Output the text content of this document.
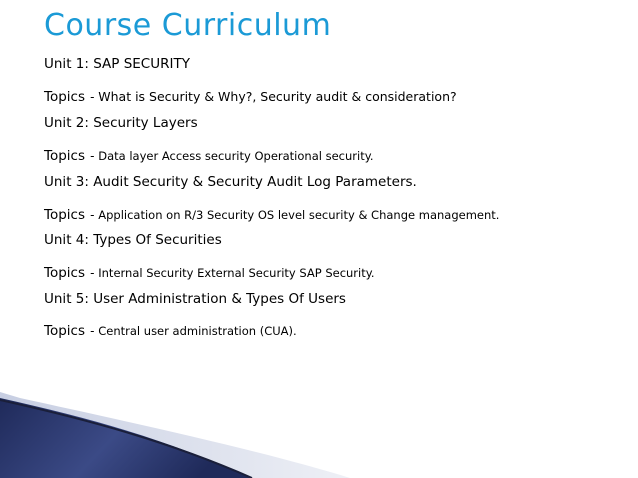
Course Curriculum
Unit 1: SAP SECURITY
Topics - What is Security & Why?, Security audit & consideration?
Unit 2: Security Layers
Topics - Data layer Access security Operational security.
Unit 3: Audit Security & Security Audit Log Parameters.
Topics - Application on R/3 Security OS level security & Change management.
Unit 4: Types Of Securities
Topics - Internal Security External Security SAP Security.
Unit 5: User Administration & Types Of Users
Topics - Central user administration (CUA).
